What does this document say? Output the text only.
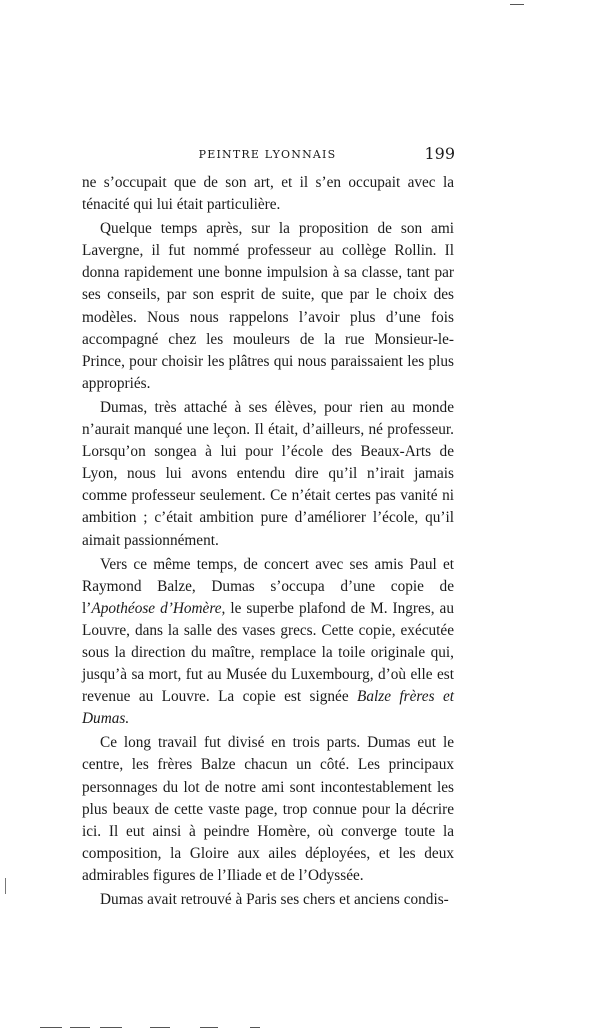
PEINTRE LYONNAIS	199

ne s’occupait que de son art, et il s’en occupait avec la ténacité qui lui était particulière.

Quelque temps après, sur la proposition de son ami Lavergne, il fut nommé professeur au collège Rollin. Il donna rapidement une bonne impulsion à sa classe, tant par ses conseils, par son esprit de suite, que par le choix des modèles. Nous nous rappelons l’avoir plus d’une fois accompagné chez les mouleurs de la rue Monsieur-le-Prince, pour choisir les plâtres qui nous paraissaient les plus appropriés.

Dumas, très attaché à ses élèves, pour rien au monde n’aurait manqué une leçon. Il était, d’ailleurs, né professeur. Lorsqu’on songea à lui pour l’école des Beaux-Arts de Lyon, nous lui avons entendu dire qu’il n’irait jamais comme professeur seulement. Ce n’était certes pas vanité ni ambition ; c’était ambition pure d’améliorer l’école, qu’il aimait passionnément.

Vers ce même temps, de concert avec ses amis Paul et Raymond Balze, Dumas s’occupa d’une copie de l’Apothéose d’Homère, le superbe plafond de M. Ingres, au Louvre, dans la salle des vases grecs. Cette copie, exécutée sous la direction du maître, remplace la toile originale qui, jusqu’à sa mort, fut au Musée du Luxembourg, d’où elle est revenue au Louvre. La copie est signée Balze frères et Dumas.

Ce long travail fut divisé en trois parts. Dumas eut le centre, les frères Balze chacun un côté. Les principaux personnages du lot de notre ami sont incontestablement les plus beaux de cette vaste page, trop connue pour la décrire ici. Il eut ainsi à peindre Homère, où converge toute la composition, la Gloire aux ailes déployées, et les deux admirables figures de l’Iliade et de l’Odyssée.

Dumas avait retrouvé à Paris ses chers et anciens condis-
